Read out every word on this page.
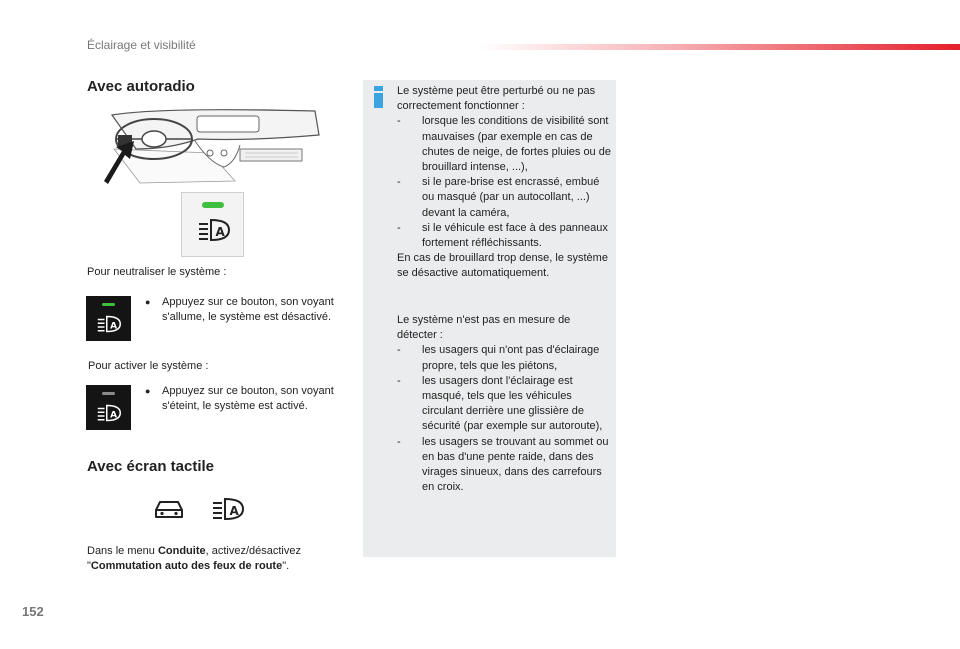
Éclairage et visibilité
Avec autoradio
A
Pour neutraliser le système :
A
●	Appuyez sur ce bouton, son voyant s'allume, le système est désactivé.
Pour activer le système :
A
●	Appuyez sur ce bouton, son voyant s'éteint, le système est activé.
Avec écran tactile
A
Dans le menu Conduite, activez/désactivez
"Commutation auto des feux de route".
Le système peut être perturbé ou ne pas correctement fonctionner :
- lorsque les conditions de visibilité sont mauvaises (par exemple en cas de chutes de neige, de fortes pluies ou de brouillard intense, ...),
- si le pare-brise est encrassé, embué ou masqué (par un autocollant, ...) devant la caméra,
- si le véhicule est face à des panneaux fortement réfléchissants.
En cas de brouillard trop dense, le système se désactive automatiquement.
Le système n'est pas en mesure de détecter :
- les usagers qui n'ont pas d'éclairage propre, tels que les piétons,
- les usagers dont l'éclairage est masqué, tels que les véhicules circulant derrière une glissière de sécurité (par exemple sur autoroute),
- les usagers se trouvant au sommet ou en bas d'une pente raide, dans des virages sinueux, dans des carrefours en croix.
152
